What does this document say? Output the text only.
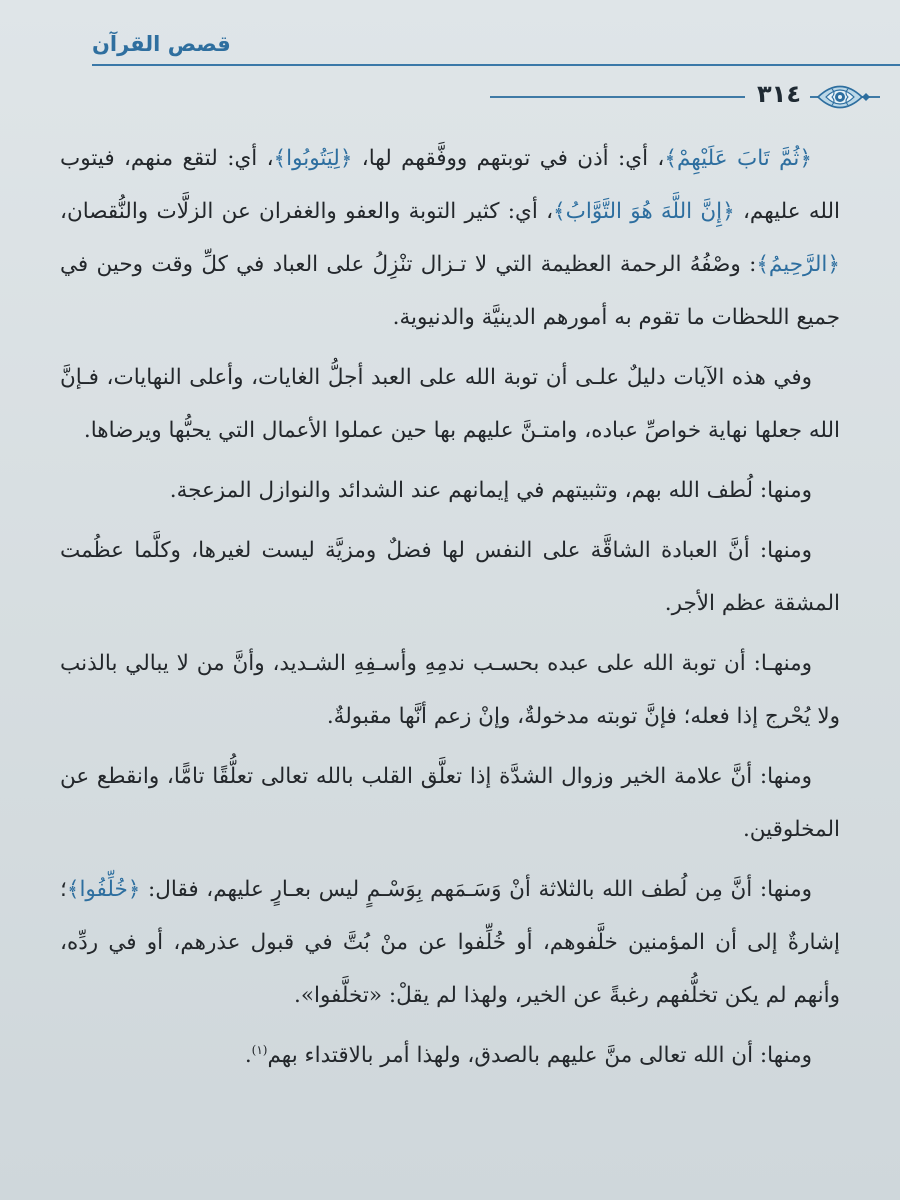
قصص القرآن
٣١٤

﴿ثُمَّ تَابَ عَلَيْهِمْ﴾، أي: أذن في توبتهم ووفَّقهم لها، ﴿لِيَتُوبُوا﴾، أي: لتقع منهم، فيتوب الله عليهم، ﴿إِنَّ اللَّهَ هُوَ التَّوَّابُ﴾، أي: كثير التوبة والعفو والغفران عن الزلَّات والنُّقصان، ﴿الرَّحِيمُ﴾: وصْفُهُ الرحمة العظيمة التي لا تـزال تنْزِلُ على العباد في كلِّ وقت وحين في جميع اللحظات ما تقوم به أمورهم الدينيَّة والدنيوية.

وفي هذه الآيات دليلٌ علـى أن توبة الله على العبد أجلُّ الغايات، وأعلى النهايات، فـإنَّ الله جعلها نهاية خواصِّ عباده، وامتـنَّ عليهم بها حين عملوا الأعمال التي يحبُّها ويرضاها.

ومنها: لُطف الله بهم، وتثبيتهم في إيمانهم عند الشدائد والنوازل المزعجة.

ومنها: أنَّ العبادة الشاقَّة على النفس لها فضلٌ ومزيَّة ليست لغيرها، وكلَّما عظُمت المشقة عظم الأجر.

ومنهـا: أن توبة الله على عبده بحسـب ندمِهِ وأسـفِهِ الشـديد، وأنَّ من لا يبالي بالذنب ولا يُحْرج إذا فعله؛ فإنَّ توبته مدخولةٌ، وإنْ زعم أنَّها مقبولةٌ.

ومنها: أنَّ علامة الخير وزوال الشدَّة إذا تعلَّق القلب بالله تعالى تعلُّقًا تامًّا، وانقطع عن المخلوقين.

ومنها: أنَّ مِن لُطف الله بالثلاثة أنْ وَسَـمَهم بِوَسْـمٍ ليس بعـارٍ عليهم، فقال: ﴿خُلِّفُوا﴾؛ إشارةٌ إلى أن المؤمنين خلَّفوهم، أو خُلِّفوا عن منْ بُتَّ في قبول عذرهم، أو في ردِّه، وأنهم لم يكن تخلُّفهم رغبةً عن الخير، ولهذا لم يقلْ: «تخلَّفوا».

ومنها: أن الله تعالى منَّ عليهم بالصدق، ولهذا أمر بالاقتداء بهم$^{(١)}$.
